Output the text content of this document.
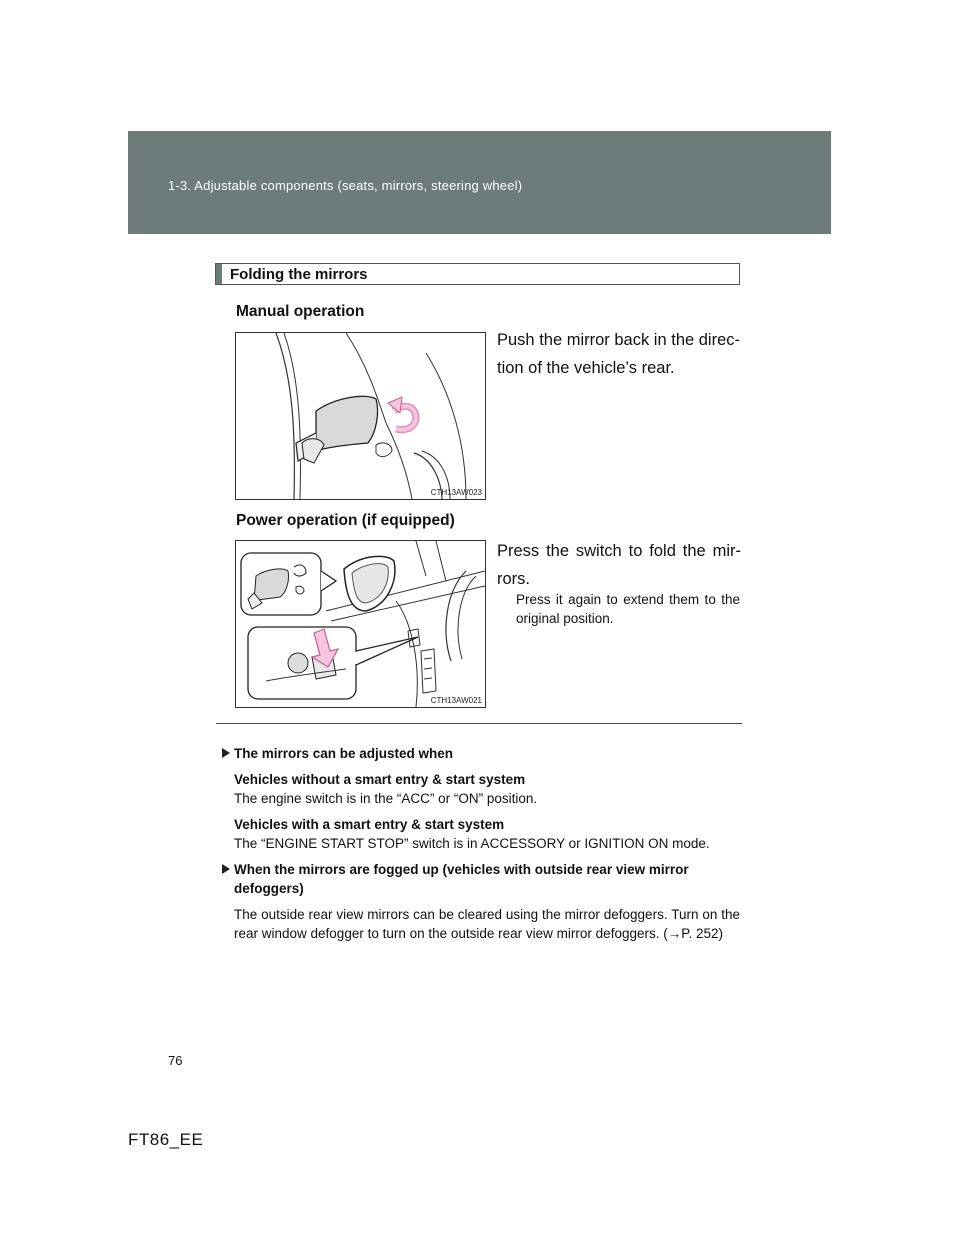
1-3. Adjustable components (seats, mirrors, steering wheel)
Folding the mirrors
Manual operation
CTH13AW023
Push the mirror back in the direc-
tion of the vehicle’s rear.
Power operation (if equipped)
CTH13AW021
Press the switch to fold the mir-
rors.
Press it again to extend them to the original position.
The mirrors can be adjusted when
Vehicles without a smart entry & start system
The engine switch is in the “ACC” or “ON” position.
Vehicles with a smart entry & start system
The “ENGINE START STOP” switch is in ACCESSORY or IGNITION ON mode.
When the mirrors are fogged up (vehicles with outside rear view mirror defoggers)
The outside rear view mirrors can be cleared using the mirror defoggers. Turn on the rear window defogger to turn on the outside rear view mirror defoggers. (→P. 252)
76
FT86_EE
